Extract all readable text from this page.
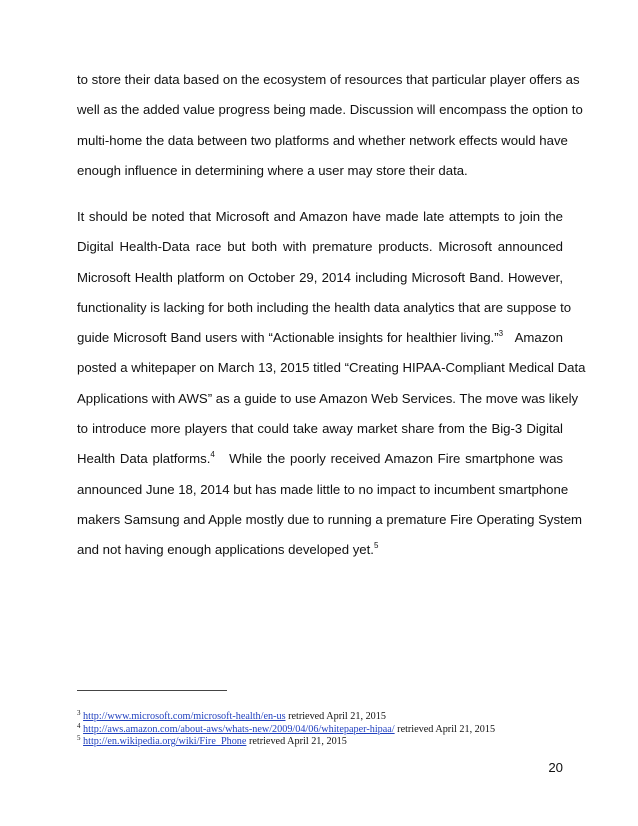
to store their data based on the ecosystem of resources that particular player offers as
well as the added value progress being made. Discussion will encompass the option to
multi-home the data between two platforms and whether network effects would have
enough influence in determining where a user may store their data.

It should be noted that Microsoft and Amazon have made late attempts to join the
Digital Health-Data race but both with premature products. Microsoft announced
Microsoft Health platform on October 29, 2014 including Microsoft Band. However,
functionality is lacking for both including the health data analytics that are suppose to
guide Microsoft Band users with “Actionable insights for healthier living.”$^3$ Amazon
posted a whitepaper on March 13, 2015 titled “Creating HIPAA-Compliant Medical Data
Applications with AWS” as a guide to use Amazon Web Services. The move was likely
to introduce more players that could take away market share from the Big-3 Digital
Health Data platforms.$^4$ While the poorly received Amazon Fire smartphone was
announced June 18, 2014 but has made little to no impact to incumbent smartphone
makers Samsung and Apple mostly due to running a premature Fire Operating System
and not having enough applications developed yet.$^5$

$^3$ http://www.microsoft.com/microsoft-health/en-us retrieved April 21, 2015
$^4$ http://aws.amazon.com/about-aws/whats-new/2009/04/06/whitepaper-hipaa/ retrieved April 21, 2015
$^5$ http://en.wikipedia.org/wiki/Fire_Phone retrieved April 21, 2015
20
